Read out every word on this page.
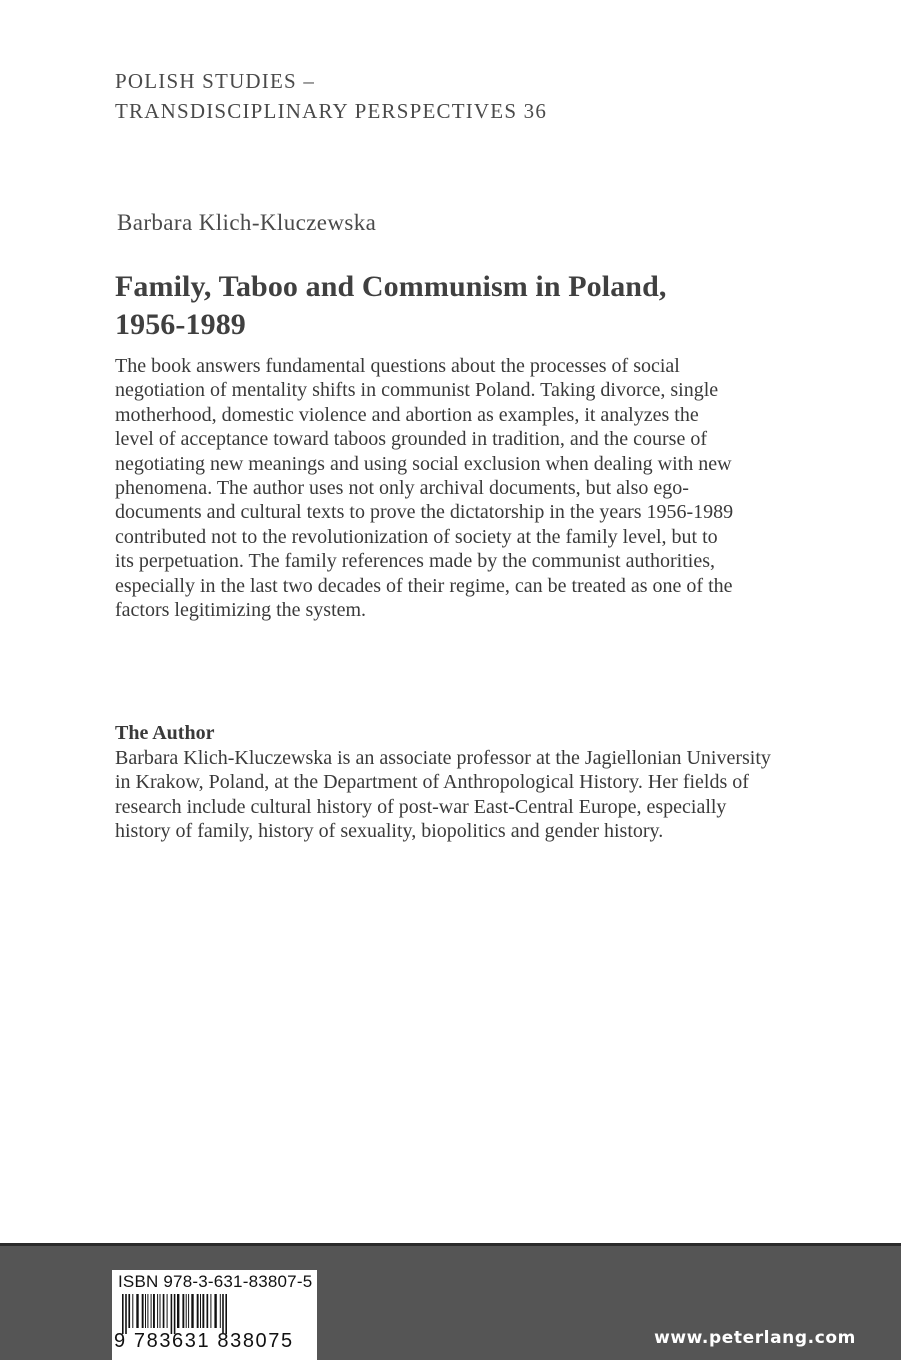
POLISH STUDIES –
TRANSDISCIPLINARY PERSPECTIVES 36
Barbara Klich-Kluczewska
Family, Taboo and Communism in Poland,
1956-1989
The book answers fundamental questions about the processes of social
negotiation of mentality shifts in communist Poland. Taking divorce, single
motherhood, domestic violence and abortion as examples, it analyzes the
level of acceptance toward taboos grounded in tradition, and the course of
negotiating new meanings and using social exclusion when dealing with new
phenomena. The author uses not only archival documents, but also ego-
documents and cultural texts to prove the dictatorship in the years 1956-1989
contributed not to the revolutionization of society at the family level, but to
its perpetuation. The family references made by the communist authorities,
especially in the last two decades of their regime, can be treated as one of the
factors legitimizing the system.
The Author
Barbara Klich-Kluczewska is an associate professor at the Jagiellonian University
in Krakow, Poland, at the Department of Anthropological History. Her fields of
research include cultural history of post-war East-Central Europe, especially
history of family, history of sexuality, biopolitics and gender history.
ISBN 978-3-631-83807-5
9 783631 838075	www.peterlang.com
